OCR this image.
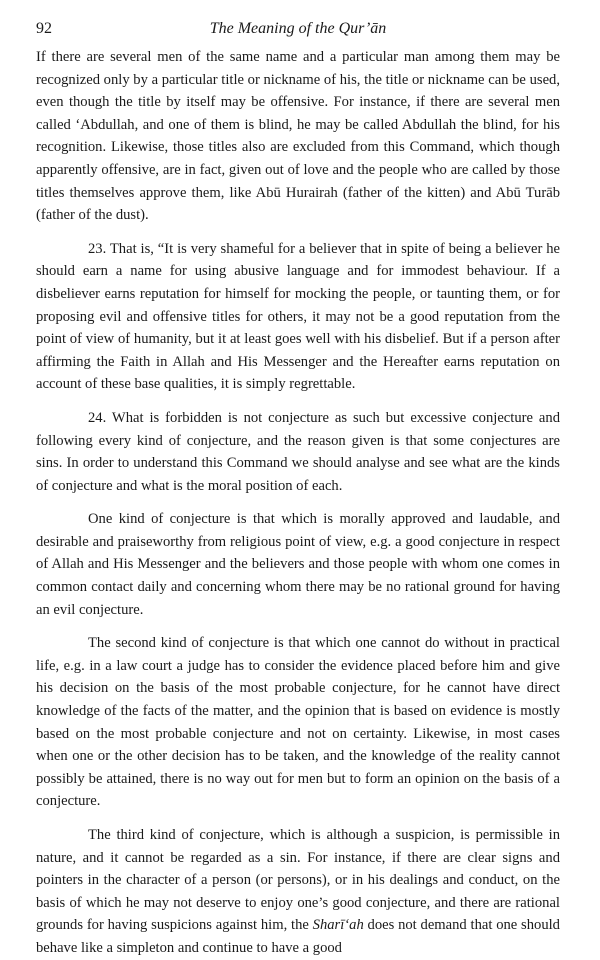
92	The Meaning of the Qur’ān

If there are several men of the same name and a particular man among them may be recognized only by a particular title or nickname of his, the title or nickname can be used, even though the title by itself may be offensive. For instance, if there are several men called ‘Abdullah, and one of them is blind, he may be called Abdullah the blind, for his recognition. Likewise, those titles also are excluded from this Command, which though apparently offensive, are in fact, given out of love and the people who are called by those titles themselves approve them, like Abū Hurairah (father of the kitten) and Abū Turāb (father of the dust).

23. That is, “It is very shameful for a believer that in spite of being a believer he should earn a name for using abusive language and for immodest behaviour. If a disbeliever earns reputation for himself for mocking the people, or taunting them, or for proposing evil and offensive titles for others, it may not be a good reputation from the point of view of humanity, but it at least goes well with his disbelief. But if a person after affirming the Faith in Allah and His Messenger and the Hereafter earns reputation on account of these base qualities, it is simply regrettable.

24. What is forbidden is not conjecture as such but excessive conjecture and following every kind of conjecture, and the reason given is that some conjectures are sins. In order to understand this Command we should analyse and see what are the kinds of conjecture and what is the moral position of each.

One kind of conjecture is that which is morally approved and laudable, and desirable and praiseworthy from religious point of view, e.g. a good conjecture in respect of Allah and His Messenger and the believers and those people with whom one comes in common contact daily and concerning whom there may be no rational ground for having an evil conjecture.

The second kind of conjecture is that which one cannot do without in practical life, e.g. in a law court a judge has to consider the evidence placed before him and give his decision on the basis of the most probable conjecture, for he cannot have direct knowledge of the facts of the matter, and the opinion that is based on evidence is mostly based on the most probable conjecture and not on certainty. Likewise, in most cases when one or the other decision has to be taken, and the knowledge of the reality cannot possibly be attained, there is no way out for men but to form an opinion on the basis of a conjecture.

The third kind of conjecture, which is although a suspicion, is permissible in nature, and it cannot be regarded as a sin. For instance, if there are clear signs and pointers in the character of a person (or persons), or in his dealings and conduct, on the basis of which he may not deserve to enjoy one’s good conjecture, and there are rational grounds for having suspicions against him, the Sharī‘ah does not demand that one should behave like a simpleton and continue to have a good
